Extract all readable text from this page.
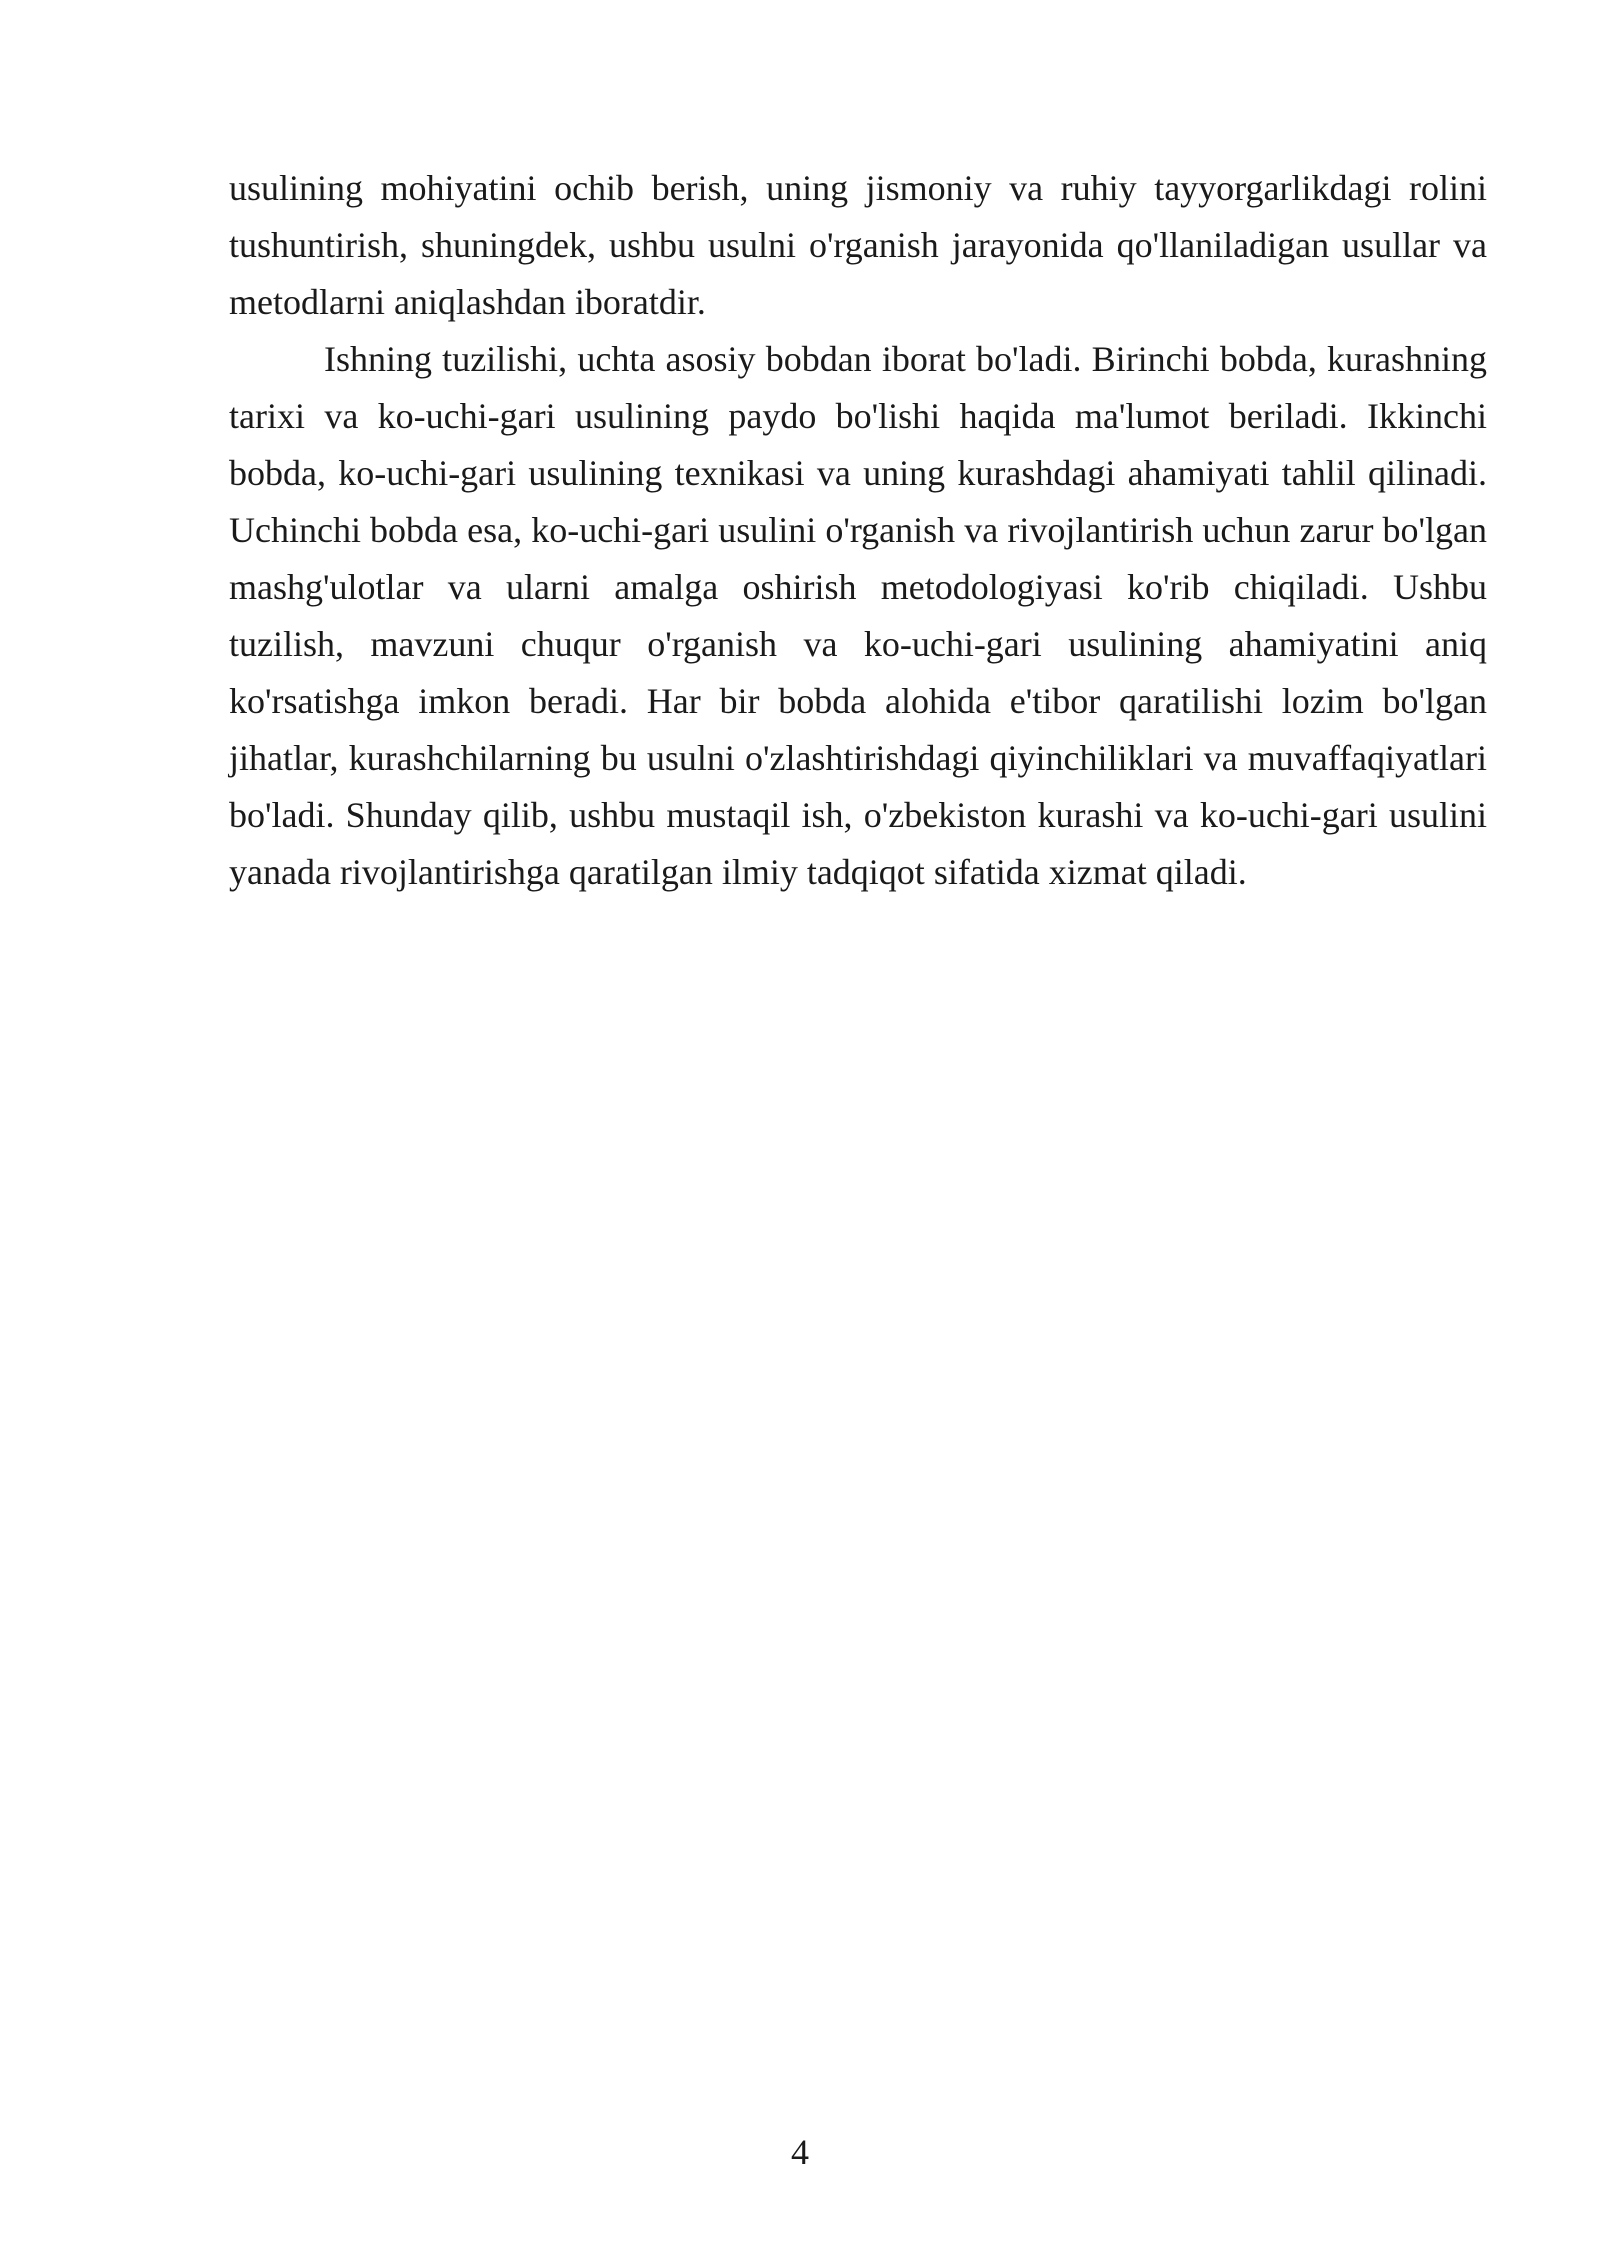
usulining mohiyatini ochib berish, uning jismoniy va ruhiy tayyorgarlikdagi rolini tushuntirish, shuningdek, ushbu usulni o'rganish jarayonida qo'llaniladigan usullar va metodlarni aniqlashdan iboratdir.

Ishning tuzilishi, uchta asosiy bobdan iborat bo'ladi. Birinchi bobda, kurashning tarixi va ko-uchi-gari usulining paydo bo'lishi haqida ma'lumot beriladi. Ikkinchi bobda, ko-uchi-gari usulining texnikasi va uning kurashdagi ahamiyati tahlil qilinadi. Uchinchi bobda esa, ko-uchi-gari usulini o'rganish va rivojlantirish uchun zarur bo'lgan mashg'ulotlar va ularni amalga oshirish metodologiyasi ko'rib chiqiladi. Ushbu tuzilish, mavzuni chuqur o'rganish va ko-uchi-gari usulining ahamiyatini aniq ko'rsatishga imkon beradi. Har bir bobda alohida e'tibor qaratilishi lozim bo'lgan jihatlar, kurashchilarning bu usulni o'zlashtirishdagi qiyinchiliklari va muvaffaqiyatlari bo'ladi. Shunday qilib, ushbu mustaqil ish, o'zbekiston kurashi va ko-uchi-gari usulini yanada rivojlantirishga qaratilgan ilmiy tadqiqot sifatida xizmat qiladi.

4
